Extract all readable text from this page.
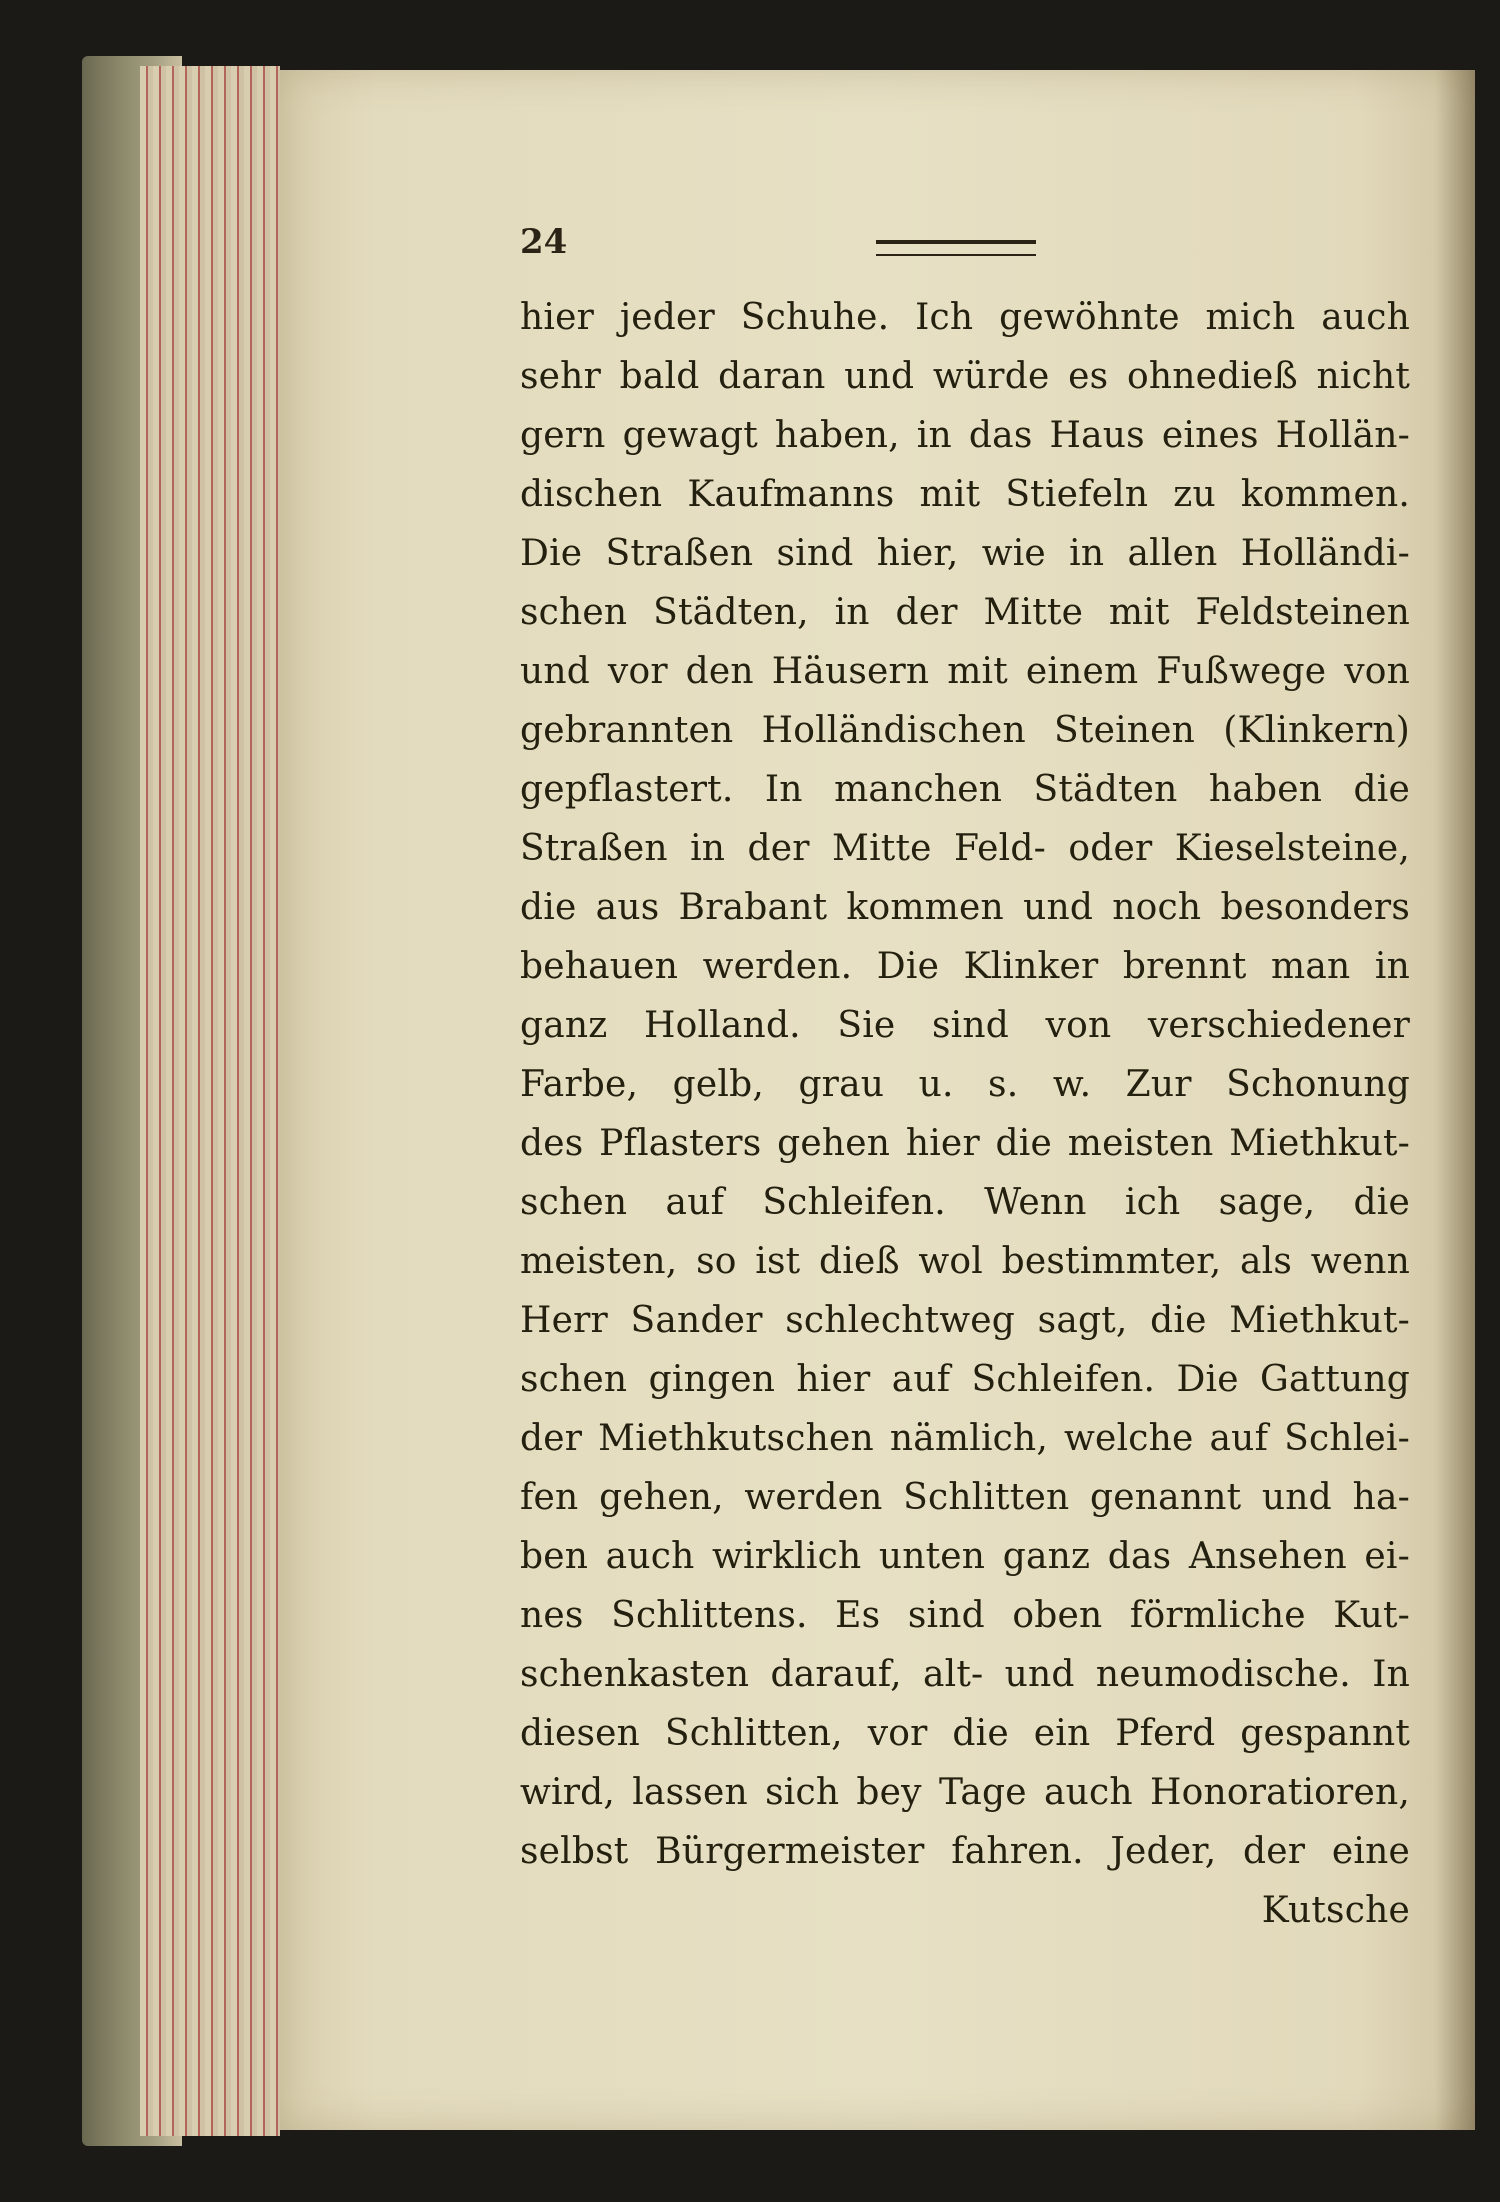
24
hier jeder Schuhe. Ich gewöhnte mich auch
sehr bald daran und würde es ohnedieß nicht
gern gewagt haben, in das Haus eines Hollän-
dischen Kaufmanns mit Stiefeln zu kommen.
Die Straßen sind hier, wie in allen Holländi-
schen Städten, in der Mitte mit Feldsteinen
und vor den Häusern mit einem Fußwege von
gebrannten Holländischen Steinen (Klinkern)
gepflastert. In manchen Städten haben die
Straßen in der Mitte Feld- oder Kieselsteine,
die aus Brabant kommen und noch besonders
behauen werden. Die Klinker brennt man in
ganz Holland. Sie sind von verschiedener
Farbe, gelb, grau u. s. w. Zur Schonung
des Pflasters gehen hier die meisten Miethkut-
schen auf Schleifen. Wenn ich sage, die
meisten, so ist dieß wol bestimmter, als wenn
Herr Sander schlechtweg sagt, die Miethkut-
schen gingen hier auf Schleifen. Die Gattung
der Miethkutschen nämlich, welche auf Schlei-
fen gehen, werden Schlitten genannt und ha-
ben auch wirklich unten ganz das Ansehen ei-
nes Schlittens. Es sind oben förmliche Kut-
schenkasten darauf, alt- und neumodische. In
diesen Schlitten, vor die ein Pferd gespannt
wird, lassen sich bey Tage auch Honoratioren,
selbst Bürgermeister fahren. Jeder, der eine
Kutsche
